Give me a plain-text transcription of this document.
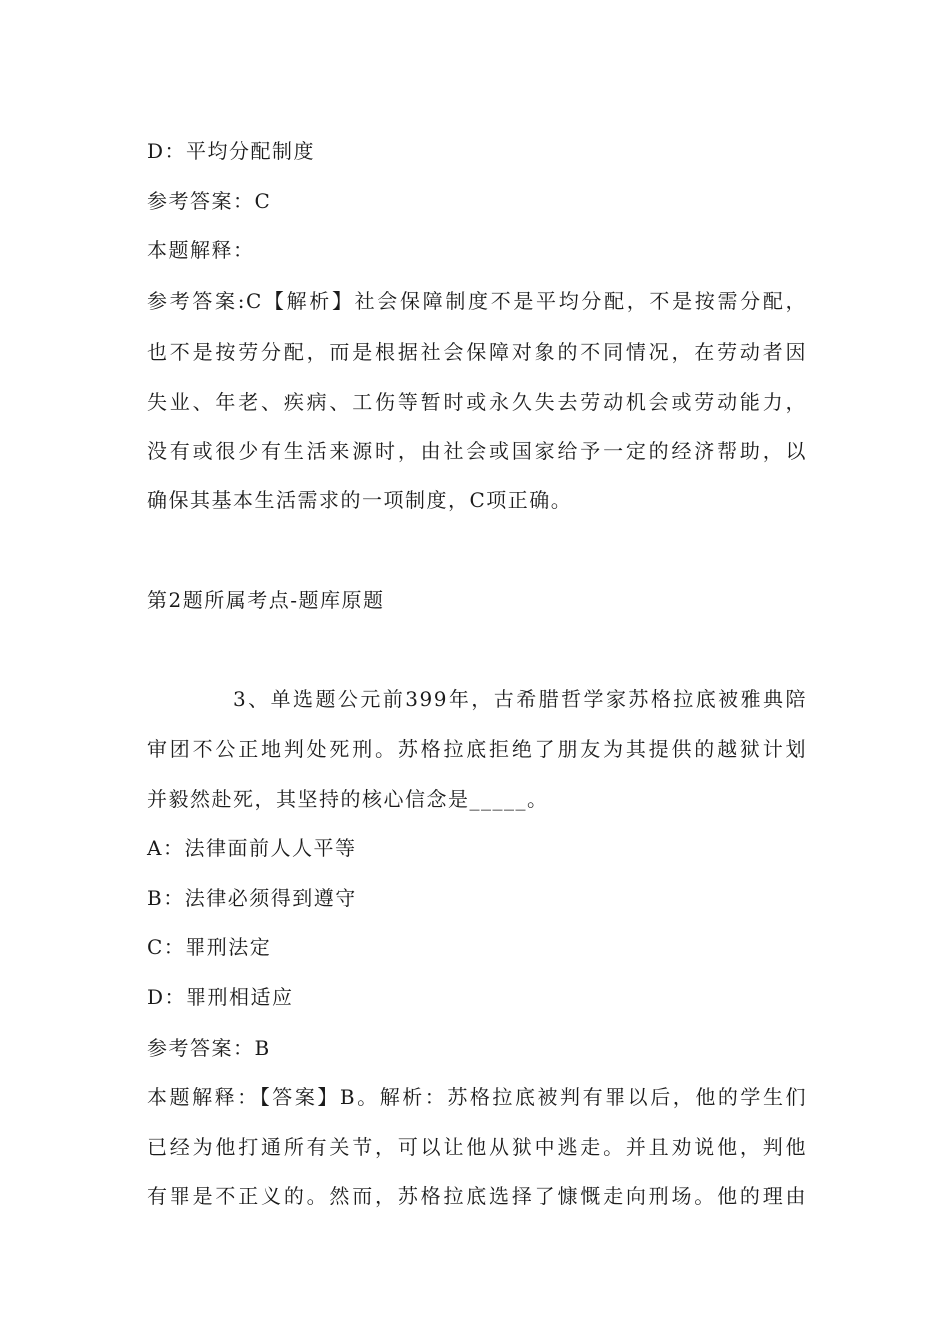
D：平均分配制度
参考答案：C
本题解释：
参考答案:C【解析】社会保障制度不是平均分配，不是按需分配，
也不是按劳分配，而是根据社会保障对象的不同情况，在劳动者因
失业、年老、疾病、工伤等暂时或永久失去劳动机会或劳动能力，
没有或很少有生活来源时，由社会或国家给予一定的经济帮助，以
确保其基本生活需求的一项制度，C项正确。
第2题所属考点-题库原题
3、单选题公元前399年，古希腊哲学家苏格拉底被雅典陪
审团不公正地判处死刑。苏格拉底拒绝了朋友为其提供的越狱计划
并毅然赴死，其坚持的核心信念是_____。
A：法律面前人人平等
B：法律必须得到遵守
C：罪刑法定
D：罪刑相适应
参考答案：B
本题解释：【答案】B。解析：苏格拉底被判有罪以后，他的学生们
已经为他打通所有关节，可以让他从狱中逃走。并且劝说他，判他
有罪是不正义的。然而，苏格拉底选择了慷慨走向刑场。他的理由
